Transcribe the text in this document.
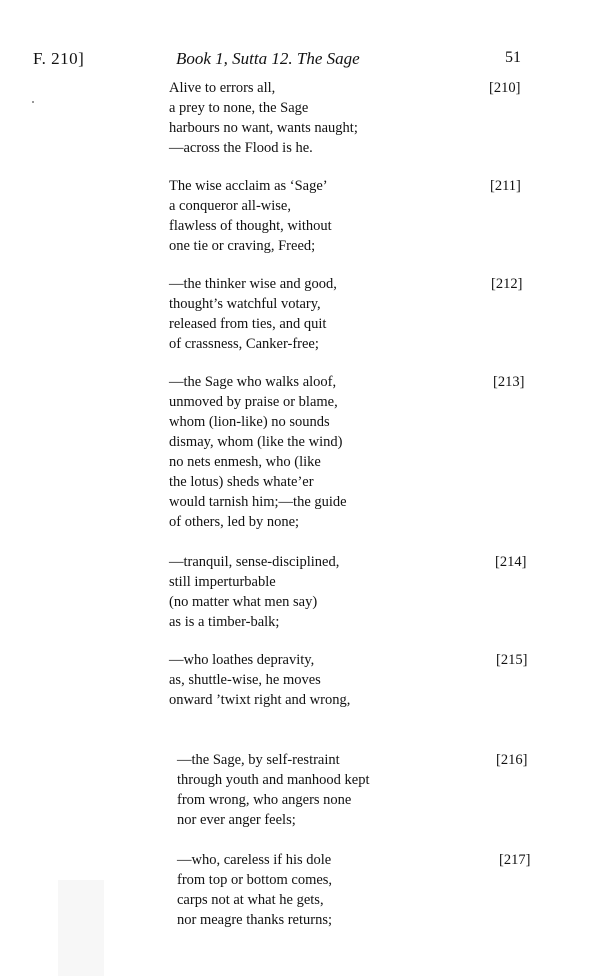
F. 210]	Book 1, Sutta 12. The Sage	51
Alive to errors all,
a prey to none, the Sage
harbours no want, wants naught;
—across the Flood is he.
[210]
The wise acclaim as ‘Sage’
a conqueror all-wise,
flawless of thought, without
one tie or craving, Freed;
[211]
—the thinker wise and good,
thought’s watchful votary,
released from ties, and quit
of crassness, Canker-free;
[212]
—the Sage who walks aloof,
unmoved by praise or blame,
whom (lion-like) no sounds
dismay, whom (like the wind)
no nets enmesh, who (like
the lotus) sheds whate’er
would tarnish him;—the guide
of others, led by none;
[213]
—tranquil, sense-disciplined,
still imperturbable
(no matter what men say)
as is a timber-balk;
[214]
—who loathes depravity,
as, shuttle-wise, he moves
onward ’twixt right and wrong,
[215]
—the Sage, by self-restraint
through youth and manhood kept
from wrong, who angers none
nor ever anger feels;
[216]
—who, careless if his dole
from top or bottom comes,
carps not at what he gets,
nor meagre thanks returns;
[217]
